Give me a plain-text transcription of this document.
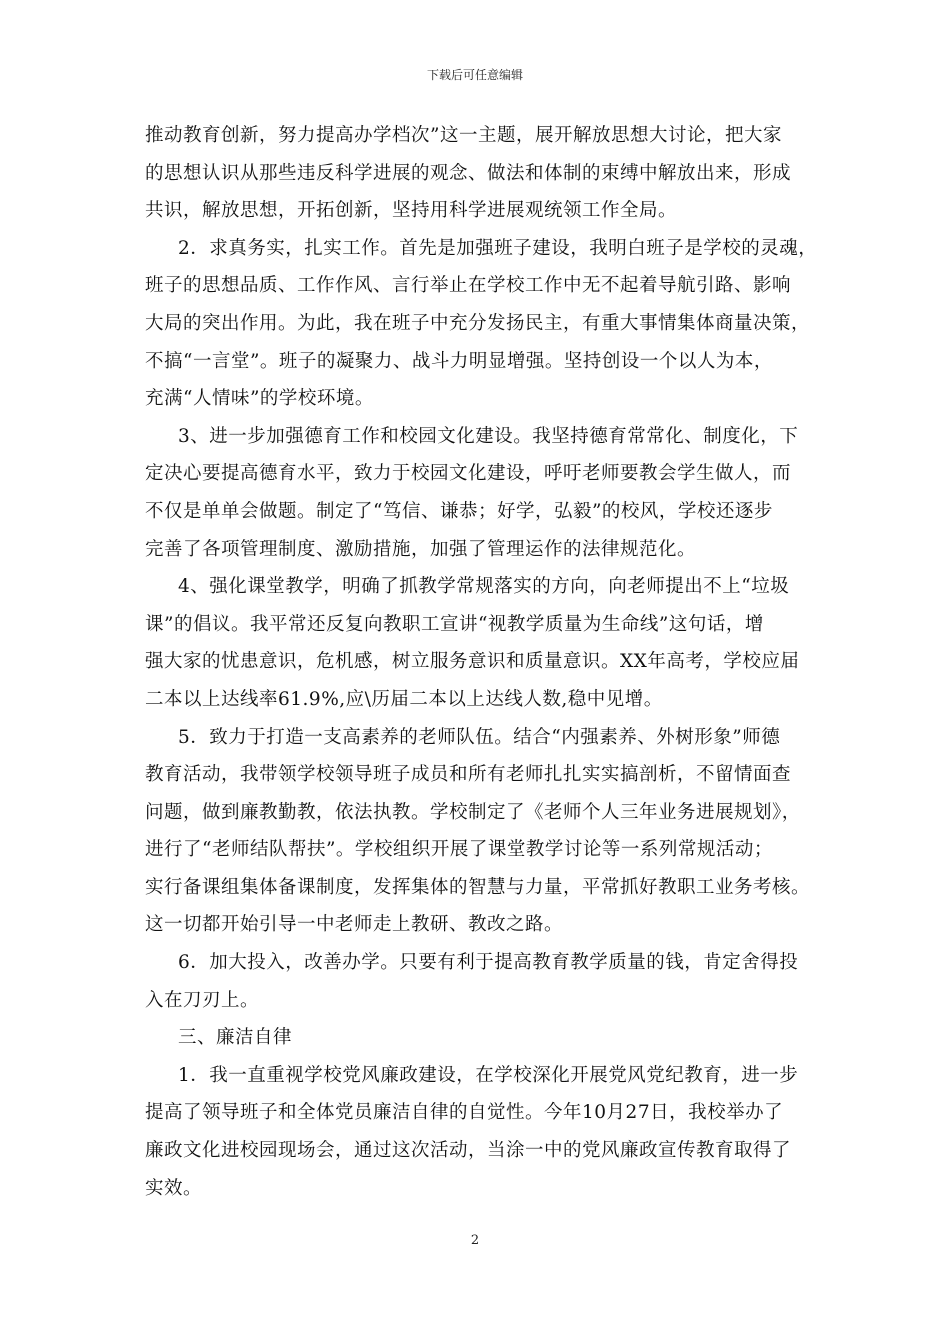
下载后可任意编辑
推动教育创新，努力提高办学档次”这一主题，展开解放思想大讨论，把大家
的思想认识从那些违反科学进展的观念、做法和体制的束缚中解放出来，形成
共识，解放思想，开拓创新，坚持用科学进展观统领工作全局。
2．求真务实，扎实工作。首先是加强班子建设，我明白班子是学校的灵魂，
班子的思想品质、工作作风、言行举止在学校工作中无不起着导航引路、影响
大局的突出作用。为此，我在班子中充分发扬民主，有重大事情集体商量决策，
不搞“一言堂”。班子的凝聚力、战斗力明显增强。坚持创设一个以人为本，
充满“人情味”的学校环境。
3、进一步加强德育工作和校园文化建设。我坚持德育常常化、制度化，下
定决心要提高德育水平，致力于校园文化建设，呼吁老师要教会学生做人，而
不仅是单单会做题。制定了“笃信、谦恭；好学，弘毅”的校风，学校还逐步
完善了各项管理制度、激励措施，加强了管理运作的法律规范化。
4、强化课堂教学，明确了抓教学常规落实的方向，向老师提出不上“垃圾
课”的倡议。我平常还反复向教职工宣讲“视教学质量为生命线”这句话，增
强大家的忧患意识，危机感，树立服务意识和质量意识。XX年高考，学校应届
二本以上达线率61.9%,应\历届二本以上达线人数,稳中见增。
5．致力于打造一支高素养的老师队伍。结合“内强素养、外树形象”师德
教育活动，我带领学校领导班子成员和所有老师扎扎实实搞剖析，不留情面查
问题，做到廉教勤教，依法执教。学校制定了《老师个人三年业务进展规划》，
进行了“老师结队帮扶”。学校组织开展了课堂教学讨论等一系列常规活动；
实行备课组集体备课制度，发挥集体的智慧与力量，平常抓好教职工业务考核。
这一切都开始引导一中老师走上教研、教改之路。
6．加大投入，改善办学。只要有利于提高教育教学质量的钱，肯定舍得投
入在刀刃上。
三、廉洁自律
1．我一直重视学校党风廉政建设，在学校深化开展党风党纪教育，进一步
提高了领导班子和全体党员廉洁自律的自觉性。今年10月27日，我校举办了
廉政文化进校园现场会，通过这次活动，当涂一中的党风廉政宣传教育取得了
实效。
2
